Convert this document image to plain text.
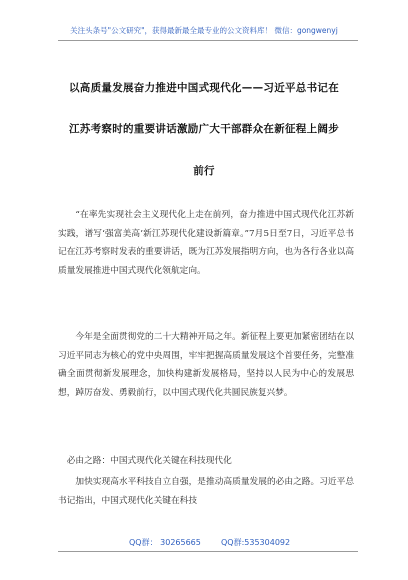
关注头条号"公文研究"，获得最新最全最专业的公文资料库！ 微信：gongwenyj
以高质量发展奋力推进中国式现代化——习近平总书记在
江苏考察时的重要讲话激励广大干部群众在新征程上阔步
前行
“在率先实现社会主义现代化上走在前列，奋力推进中国式现代化江苏新实践，谱写‘强富美高’新江苏现代化建设新篇章。”7月5日至7日，习近平总书记在江苏考察时发表的重要讲话，既为江苏发展指明方向，也为各行各业以高质量发展推进中国式现代化领航定向。
今年是全面贯彻党的二十大精神开局之年。新征程上要更加紧密团结在以习近平同志为核心的党中央周围，牢牢把握高质量发展这个首要任务，完整准确全面贯彻新发展理念，加快构建新发展格局，坚持以人民为中心的发展思想，踔厉奋发、勇毅前行，以中国式现代化共圆民族复兴梦。
必由之路：中国式现代化关键在科技现代化
加快实现高水平科技自立自强，是推动高质量发展的必由之路。习近平总书记指出，中国式现代化关键在科技
QQ群： 30265665	QQ群:535304092
